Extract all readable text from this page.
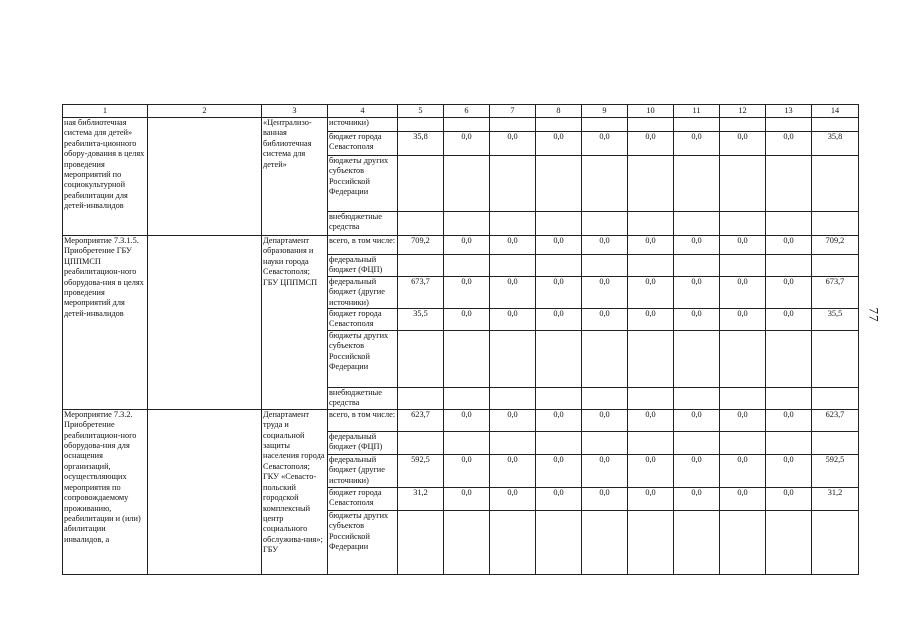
1	2	3	4	5	6	7	8	9	10	11	12	13	14
ная библиотечная система для детей» реабилита-ционного обору-дования в целях проведения мероприятий по социокультурной реабилитации для детей-инвалидов		«Централизо-ванная библиотечная система для детей»	источники)										
			бюджет города Севастополя	35,8	0,0	0,0	0,0	0,0	0,0	0,0	0,0	0,0	35,8
			бюджеты других субъектов Российской Федерации										
			внебюджетные средства										
Мероприятие 7.3.1.5. Приобретение ГБУ ЦППМСП реабилитацион-ного оборудова-ния в целях проведения мероприятий для детей-инвалидов		Департамент образования и науки города Севастополя; ГБУ ЦППМСП	всего, в том числе:	709,2	0,0	0,0	0,0	0,0	0,0	0,0	0,0	0,0	709,2
			федеральный бюджет (ФЦП)										
			федеральный бюджет (другие источники)	673,7	0,0	0,0	0,0	0,0	0,0	0,0	0,0	0,0	673,7
			бюджет города Севастополя	35,5	0,0	0,0	0,0	0,0	0,0	0,0	0,0	0,0	35,5
			бюджеты других субъектов Российской Федерации										
			внебюджетные средства										
Мероприятие 7.3.2. Приобретение реабилитацион-ного оборудова-ния для оснащения организаций, осуществляющих мероприятия по сопровождаемому проживанию, реабилитации и (или) абилитации инвалидов, а		Департамент труда и социальной защиты населения города Севастополя; ГКУ «Севасто-польский городской комплексный центр социального обслужива-ния»; ГБУ	всего, в том числе:	623,7	0,0	0,0	0,0	0,0	0,0	0,0	0,0	0,0	623,7
			федеральный бюджет (ФЦП)										
			федеральный бюджет (другие источники)	592,5	0,0	0,0	0,0	0,0	0,0	0,0	0,0	0,0	592,5
			бюджет города Севастополя	31,2	0,0	0,0	0,0	0,0	0,0	0,0	0,0	0,0	31,2
			бюджеты других субъектов Российской Федерации										
77
